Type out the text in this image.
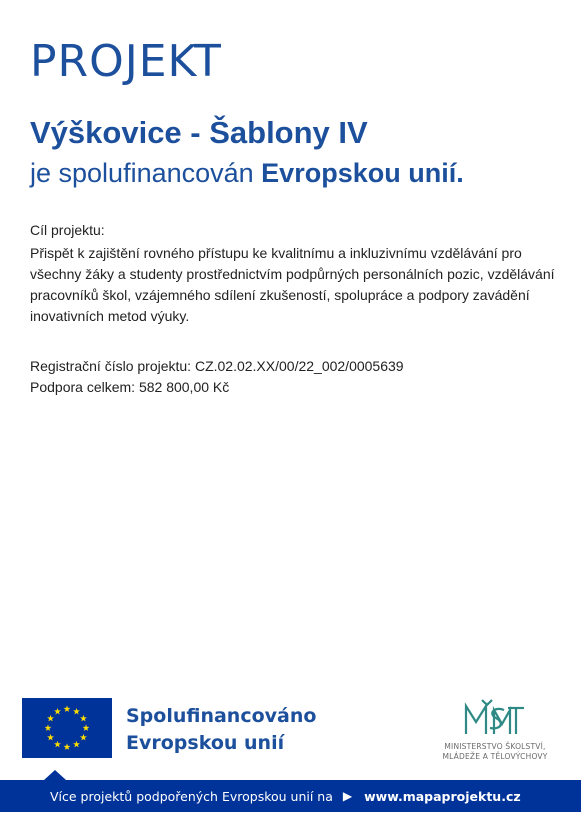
PROJEKT
Výškovice - Šablony IV
je spolufinancován Evropskou unií.
Cíl projektu:
Přispět k zajištění rovného přístupu ke kvalitnímu a inkluzivnímu vzdělávání pro všechny žáky a studenty prostřednictvím podpůrných personálních pozic, vzdělávání pracovníků škol, vzájemného sdílení zkušeností, spolupráce a podpory zavádění inovativních metod výuky.
Registrační číslo projektu: CZ.02.02.XX/00/22_002/0005639
Podpora celkem: 582 800,00 Kč
Spolufinancováno
Evropskou unií	MINISTERSTVO ŠKOLSTVÍ,
MLÁDEŽE A TĚLOVÝCHOVY
Více projektů podpořených Evropskou unií na ▶ www.mapaprojektu.cz
